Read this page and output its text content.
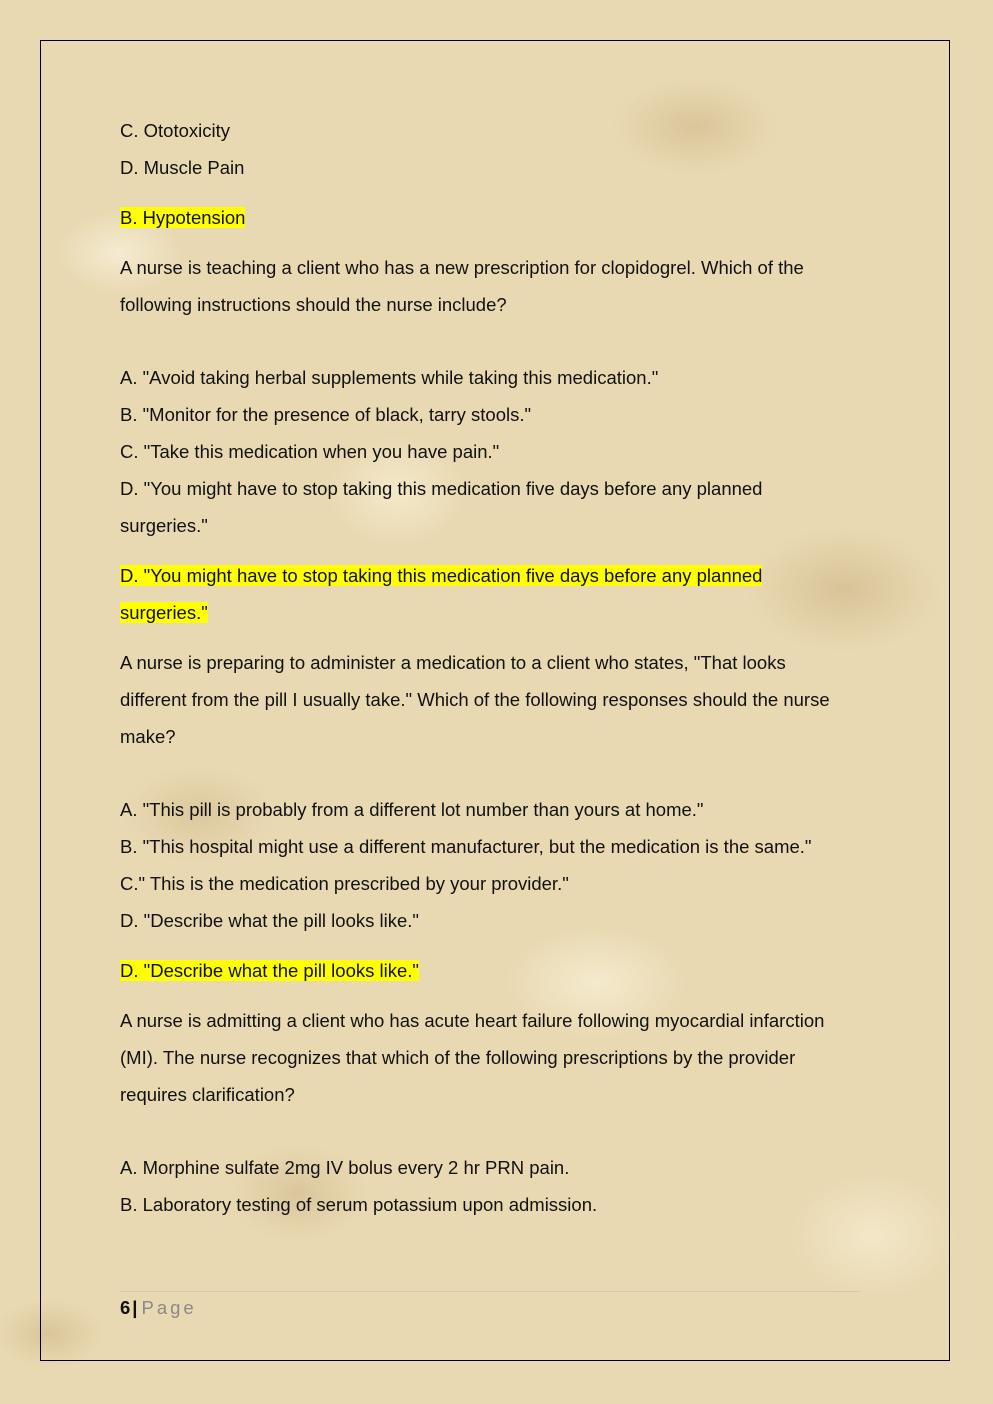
C. Ototoxicity
D. Muscle Pain
B. Hypotension
A nurse is teaching a client who has a new prescription for clopidogrel. Which of the
following instructions should the nurse include?
A. "Avoid taking herbal supplements while taking this medication."
B. "Monitor for the presence of black, tarry stools."
C. "Take this medication when you have pain."
D. "You might have to stop taking this medication five days before any planned
surgeries."
D. "You might have to stop taking this medication five days before any planned
surgeries."
A nurse is preparing to administer a medication to a client who states, "That looks
different from the pill I usually take." Which of the following responses should the nurse
make?
A. "This pill is probably from a different lot number than yours at home."
B. "This hospital might use a different manufacturer, but the medication is the same."
C." This is the medication prescribed by your provider."
D. "Describe what the pill looks like."
D. "Describe what the pill looks like."
A nurse is admitting a client who has acute heart failure following myocardial infarction
(MI). The nurse recognizes that which of the following prescriptions by the provider
requires clarification?
A. Morphine sulfate 2mg IV bolus every 2 hr PRN pain.
B. Laboratory testing of serum potassium upon admission.
6 | Page
